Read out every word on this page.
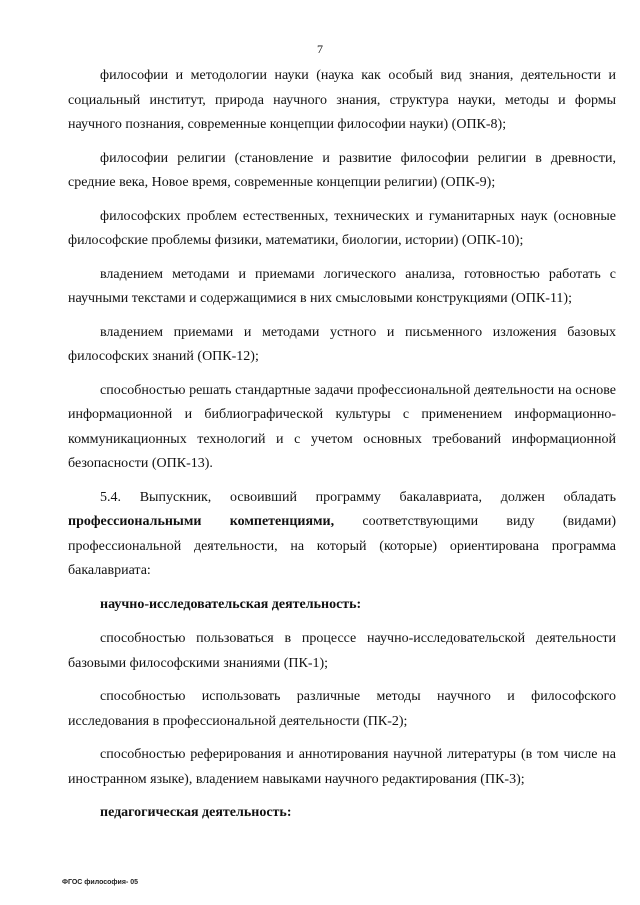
7

философии и методологии науки (наука как особый вид знания, деятельности и социальный институт, природа научного знания, структура науки, методы и формы научного познания, современные концепции философии науки) (ОПК-8);

философии религии (становление и развитие философии религии в древности, средние века, Новое время, современные концепции религии) (ОПК-9);

философских проблем естественных, технических и гуманитарных наук (основные философские проблемы физики, математики, биологии, истории) (ОПК-10);

владением методами и приемами логического анализа, готовностью работать с научными текстами и содержащимися в них смысловыми конструкциями (ОПК-11);

владением приемами и методами устного и письменного изложения базовых философских знаний (ОПК-12);

способностью решать стандартные задачи профессиональной деятельности на основе информационной и библиографической культуры с применением информационно-коммуникационных технологий и с учетом основных требований информационной безопасности (ОПК-13).

5.4. Выпускник, освоивший программу бакалавриата, должен обладать профессиональными компетенциями, соответствующими виду (видами) профессиональной деятельности, на который (которые) ориентирована программа бакалавриата:

научно-исследовательская деятельность:

способностью пользоваться в процессе научно-исследовательской деятельности базовыми философскими знаниями (ПК-1);

способностью использовать различные методы научного и философского исследования в профессиональной деятельности (ПК-2);

способностью реферирования и аннотирования научной литературы (в том числе на иностранном языке), владением навыками научного редактирования (ПК-3);

педагогическая деятельность:
ФГОС философия- 05
